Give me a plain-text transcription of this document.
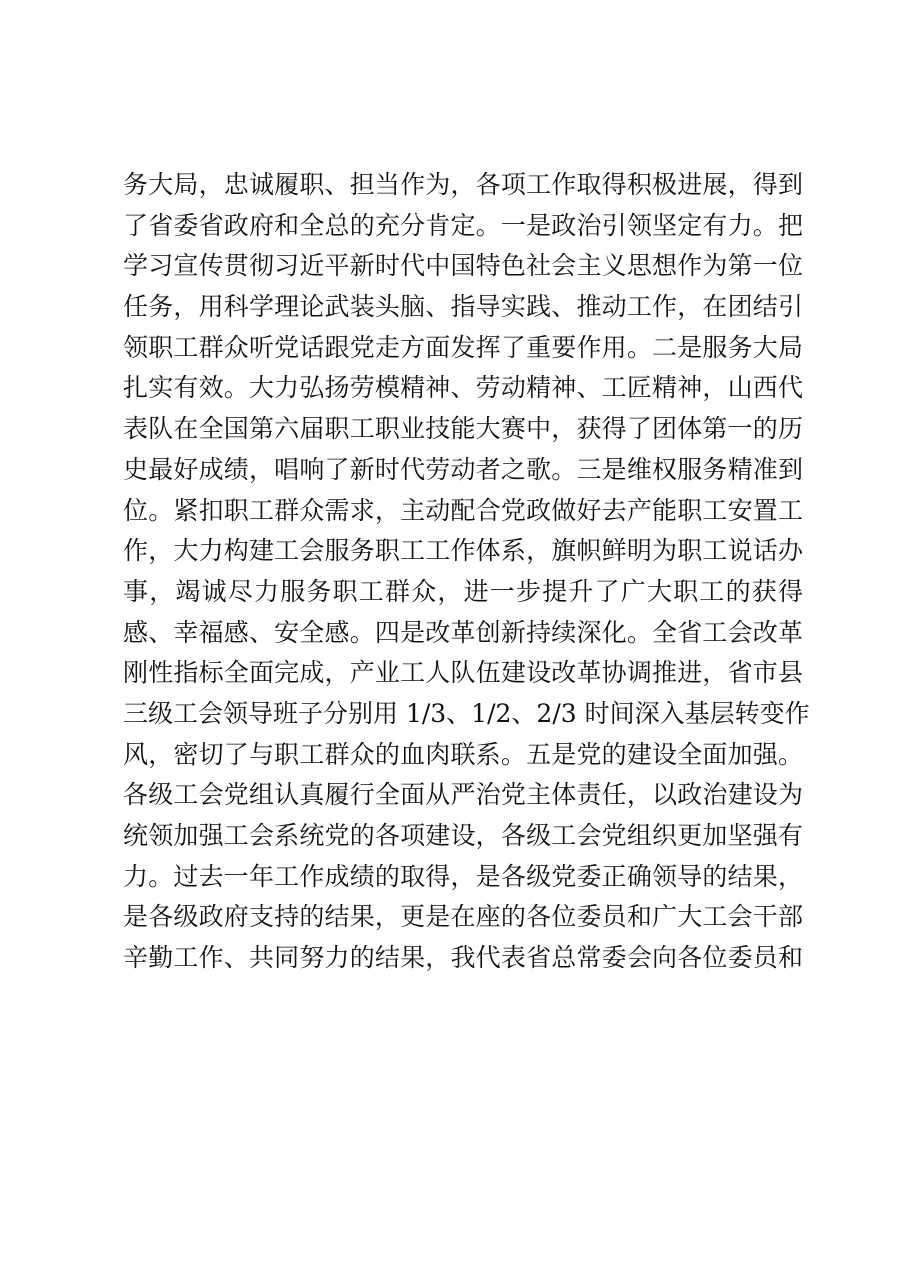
务大局，忠诚履职、担当作为，各项工作取得积极进展，得到
了省委省政府和全总的充分肯定。一是政治引领坚定有力。把
学习宣传贯彻习近平新时代中国特色社会主义思想作为第一位
任务，用科学理论武装头脑、指导实践、推动工作，在团结引
领职工群众听党话跟党走方面发挥了重要作用。二是服务大局
扎实有效。大力弘扬劳模精神、劳动精神、工匠精神，山西代
表队在全国第六届职工职业技能大赛中，获得了团体第一的历
史最好成绩，唱响了新时代劳动者之歌。三是维权服务精准到
位。紧扣职工群众需求，主动配合党政做好去产能职工安置工
作，大力构建工会服务职工工作体系，旗帜鲜明为职工说话办
事，竭诚尽力服务职工群众，进一步提升了广大职工的获得
感、幸福感、安全感。四是改革创新持续深化。全省工会改革
刚性指标全面完成，产业工人队伍建设改革协调推进，省市县
三级工会领导班子分别用 1/3、1/2、2/3 时间深入基层转变作
风，密切了与职工群众的血肉联系。五是党的建设全面加强。
各级工会党组认真履行全面从严治党主体责任，以政治建设为
统领加强工会系统党的各项建设，各级工会党组织更加坚强有
力。过去一年工作成绩的取得，是各级党委正确领导的结果，
是各级政府支持的结果，更是在座的各位委员和广大工会干部
辛勤工作、共同努力的结果，我代表省总常委会向各位委员和
